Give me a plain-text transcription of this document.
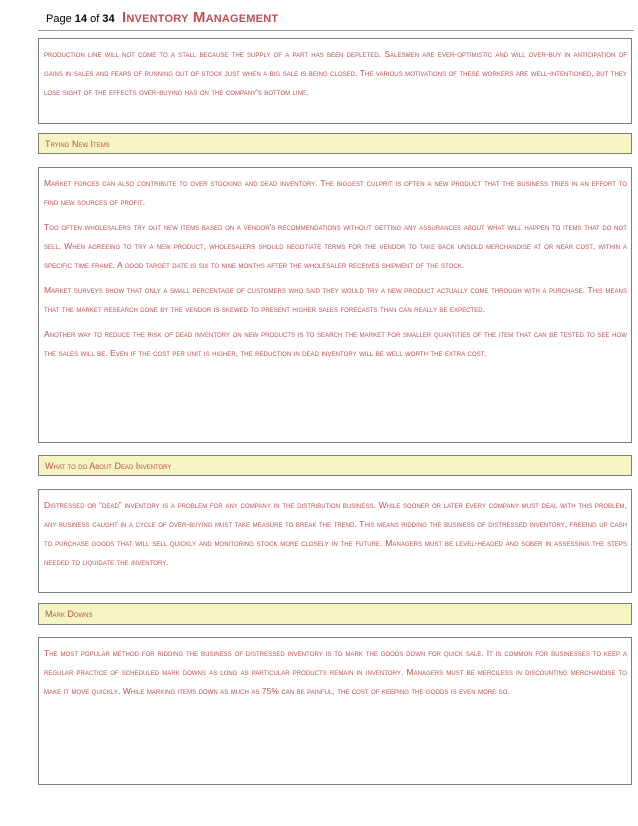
Page 14 of 34 Inventory Management

production line will not come to a stall because the supply of a part has been depleted. Salesmen are ever-optimistic and will over-buy in anticipation of gains in sales and fears of running out of stock just when a big sale is being closed. The various motivations of these workers are well-intentioned, but they lose sight of the effects over-buying has on the company's bottom line.

Trying New Items

Market forces can also contribute to over stocking and dead inventory. The biggest culprit is often a new product that the business tries in an effort to find new sources of profit.

Too often wholesalers try out new items based on a vendor's recommendations without getting any assurances about what will happen to items that do not sell. When agreeing to try a new product, wholesalers should negotiate terms for the vendor to take back unsold merchandise at or near cost, within a specific time frame. A good target date is six to nine months after the wholesaler receives shipment of the stock.

Market surveys show that only a small percentage of customers who said they would try a new product actually come through with a purchase. This means that the market research done by the vendor is skewed to present higher sales forecasts than can really be expected.

Another way to reduce the risk of dead inventory on new products is to search the market for smaller quantities of the item that can be tested to see how the sales will be. Even if the cost per unit is higher, the reduction in dead inventory will be well worth the extra cost.

What to do About Dead Inventory

Distressed or “dead” inventory is a problem for any company in the distribution business. While sooner or later every company must deal with this problem, any business caught in a cycle of over-buying must take measure to break the trend. This means ridding the business of distressed inventory, freeing up cash to purchase goods that will sell quickly and monitoring stock more closely in the future. Managers must be level-headed and sober in assessing the steps needed to liquidate the inventory.

Mark Downs

The most popular method for ridding the business of distressed inventory is to mark the goods down for quick sale. It is common for businesses to keep a regular practice of scheduled mark downs as long as particular products remain in inventory. Managers must be merciless in discounting merchandise to make it move quickly. While marking items down as much as 75% can be painful, the cost of keeping the goods is even more so.
